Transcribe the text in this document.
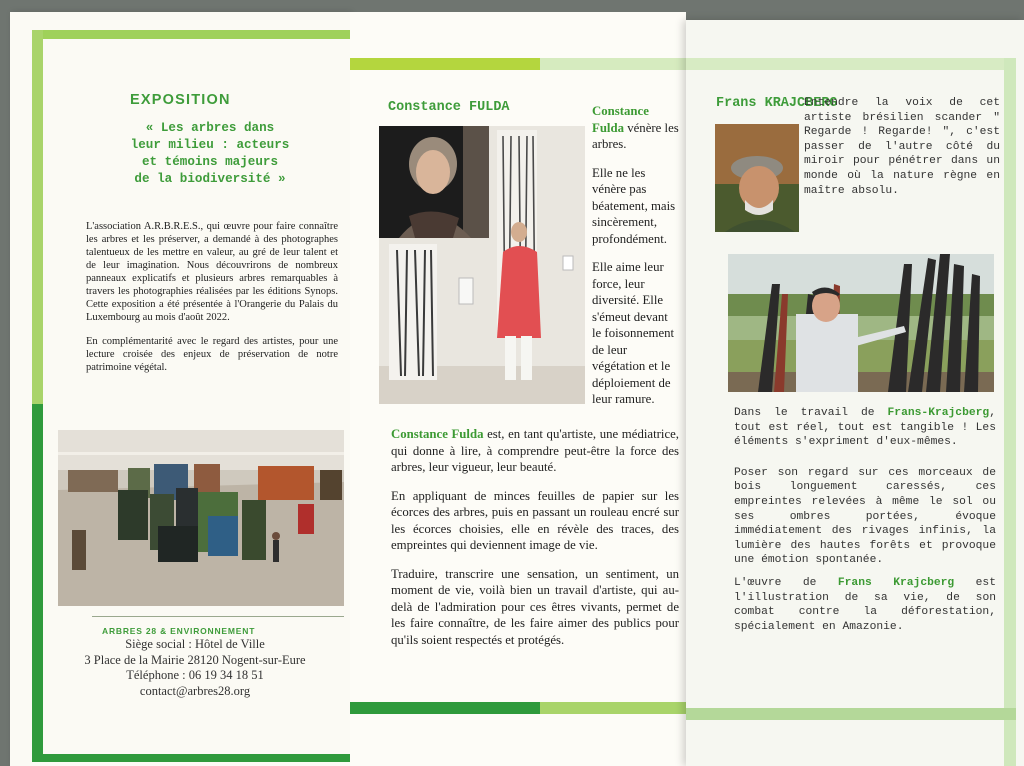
EXPOSITION
« Les arbres dans
leur milieu : acteurs
et témoins majeurs
de la biodiversité »

L'association A.R.B.R.E.S., qui œuvre pour faire connaître les arbres et les préserver, a demandé à des photographes talentueux de les mettre en valeur, au gré de leur talent et de leur imagination. Nous découvrirons de nombreux panneaux explicatifs et plusieurs arbres remarquables à travers les photographies réalisées par les éditions Synops. Cette exposition a été présentée à l'Orangerie du Palais du Luxembourg au mois d'août 2022.

En complémentarité avec le regard des artistes, pour une lecture croisée des enjeux de préservation de notre patrimoine végétal.

ARBRES 28 & ENVIRONNEMENT
Siège social : Hôtel de Ville
3 Place de la Mairie 28120 Nogent-sur-Eure
Téléphone : 06 19 34 18 51
contact@arbres28.org
Constance FULDA	Constance Fulda vénère les arbres.

Elle ne les vénère pas béatement, mais sincèrement, profondément.

Elle aime leur force, leur diversité. Elle s'émeut devant le foisonnement de leur végétation et le déploiement de leur ramure.

Constance Fulda est, en tant qu'artiste, une médiatrice, qui donne à lire, à comprendre peut-être la force des arbres, leur vigueur, leur beauté.

En appliquant de minces feuilles de papier sur les écorces des arbres, puis en passant un rouleau encré sur les écorces choisies, elle en révèle des traces, des empreintes qui deviennent image de vie.

Traduire, transcrire une sensation, un sentiment, un moment de vie, voilà bien un travail d'artiste, qui au-delà de l'admiration pour ces êtres vivants, permet de les faire connaître, de les faire aimer des publics pour qu'ils soient respectés et protégés.

Frans KRAJCBERG
Entendre la voix de cet artiste brésilien scander " Regarde ! Regarde! ", c'est passer de l'autre côté du miroir pour pénétrer dans un monde où la nature règne en maître absolu.

Dans le travail de Frans-Krajcberg, tout est réel, tout est tangible ! Les éléments s'expriment d'eux-mêmes.

Poser son regard sur ces morceaux de bois longuement caressés, ces empreintes relevées à même le sol ou ses ombres portées, évoque immédiatement des rivages infinis, la lumière des hautes forêts et provoque une émotion spontanée.

L'œuvre de Frans Krajcberg est l'illustration de sa vie, de son combat contre la déforestation, spécialement en Amazonie.
